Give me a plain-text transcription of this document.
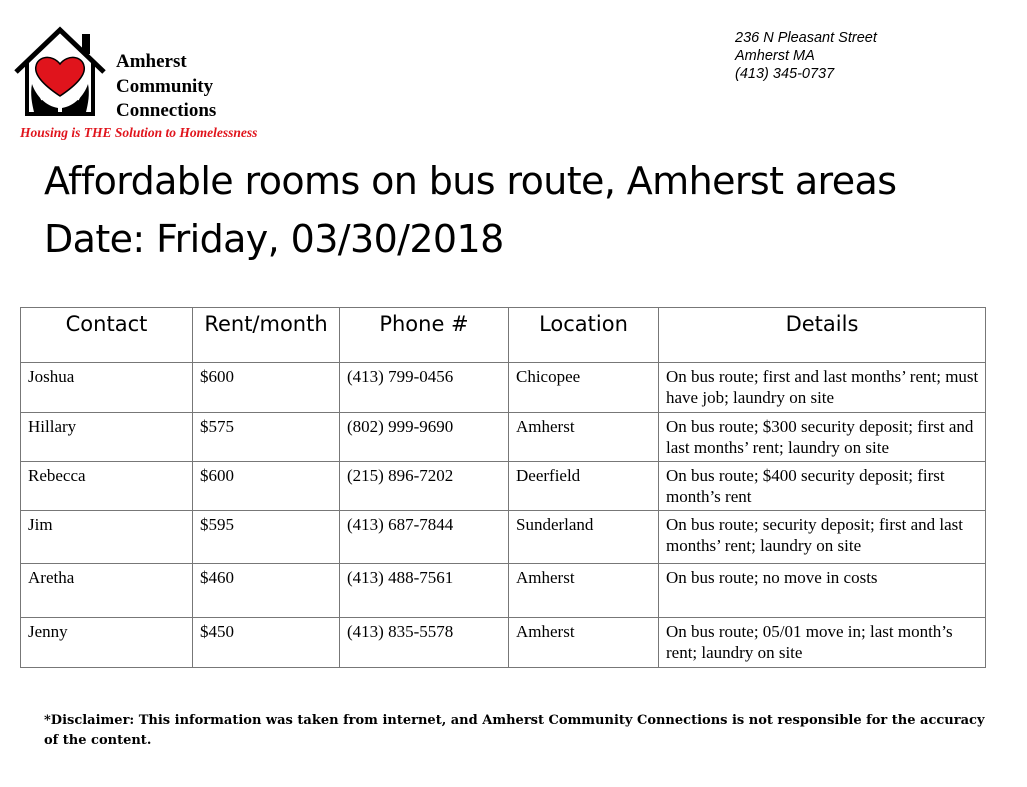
Amherst
Community
Connections
Housing is THE Solution to Homelessness
236 N Pleasant Street
Amherst MA
(413) 345-0737
Affordable rooms on bus route, Amherst areas
Date: Friday, 03/30/2018
Contact	Rent/month	Phone #	Location	Details
Joshua	$600	(413) 799-0456	Chicopee	On bus route; first and last months’ rent; must have job; laundry on site
Hillary	$575	(802) 999-9690	Amherst	On bus route; $300 security deposit; first and last months’ rent; laundry on site
Rebecca	$600	(215) 896-7202	Deerfield	On bus route; $400 security deposit; first month’s rent
Jim	$595	(413) 687-7844	Sunderland	On bus route; security deposit; first and last months’ rent; laundry on site
Aretha	$460	(413) 488-7561	Amherst	On bus route; no move in costs
Jenny	$450	(413) 835-5578	Amherst	On bus route; 05/01 move in; last month’s rent; laundry on site
*Disclaimer: This information was taken from internet, and Amherst Community Connections is not responsible for the accuracy of the content.
